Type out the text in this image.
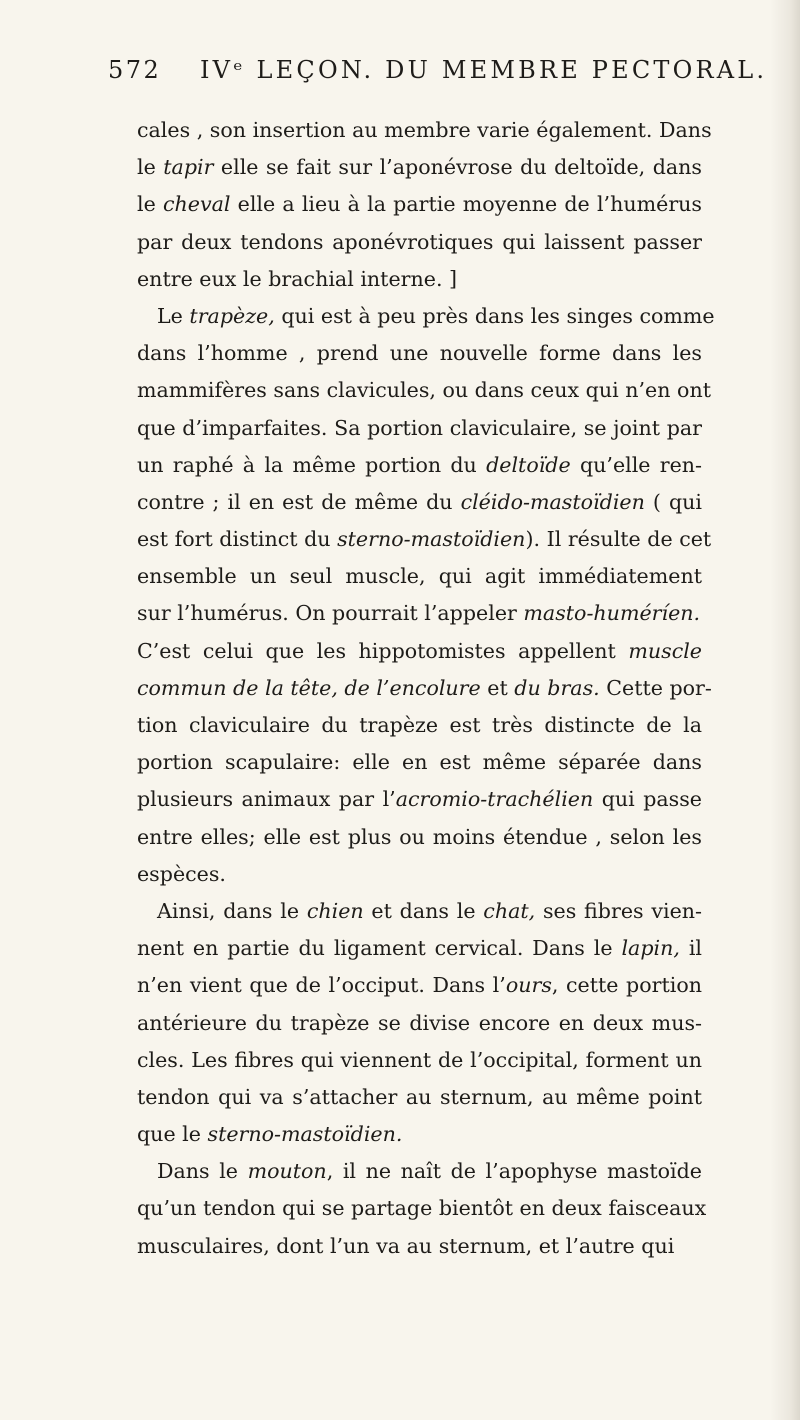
572 IVᵉ LEÇON. DU MEMBRE PECTORAL.
cales , son insertion au membre varie également. Dans
le tapir elle se fait sur l’aponévrose du deltoïde, dans
le cheval elle a lieu à la partie moyenne de l’humérus
par deux tendons aponévrotiques qui laissent passer
entre eux le brachial interne. ]
Le trapèze, qui est à peu près dans les singes comme
dans l’homme , prend une nouvelle forme dans les
mammifères sans clavicules, ou dans ceux qui n’en ont
que d’imparfaites. Sa portion claviculaire, se joint par
un raphé à la même portion du deltoïde qu’elle ren-
contre ; il en est de même du cléido-mastoïdien ( qui
est fort distinct du sterno-mastoïdien). Il résulte de cet
ensemble un seul muscle, qui agit immédiatement
sur l’humérus. On pourrait l’appeler masto-huméríen.
C’est celui que les hippotomistes appellent muscle
commun de la tête, de l’encolure et du bras. Cette por-
tion claviculaire du trapèze est très distincte de la
portion scapulaire: elle en est même séparée dans
plusieurs animaux par l’acromio-trachélien qui passe
entre elles; elle est plus ou moins étendue , selon les
espèces.
Ainsi, dans le chien et dans le chat, ses fibres vien-
nent en partie du ligament cervical. Dans le lapin, il
n’en vient que de l’occiput. Dans l’ours, cette portion
antérieure du trapèze se divise encore en deux mus-
cles. Les fibres qui viennent de l’occipital, forment un
tendon qui va s’attacher au sternum, au même point
que le sterno-mastoïdien.
Dans le mouton, il ne naît de l’apophyse mastoïde
qu’un tendon qui se partage bientôt en deux faisceaux
musculaires, dont l’un va au sternum, et l’autre qui
